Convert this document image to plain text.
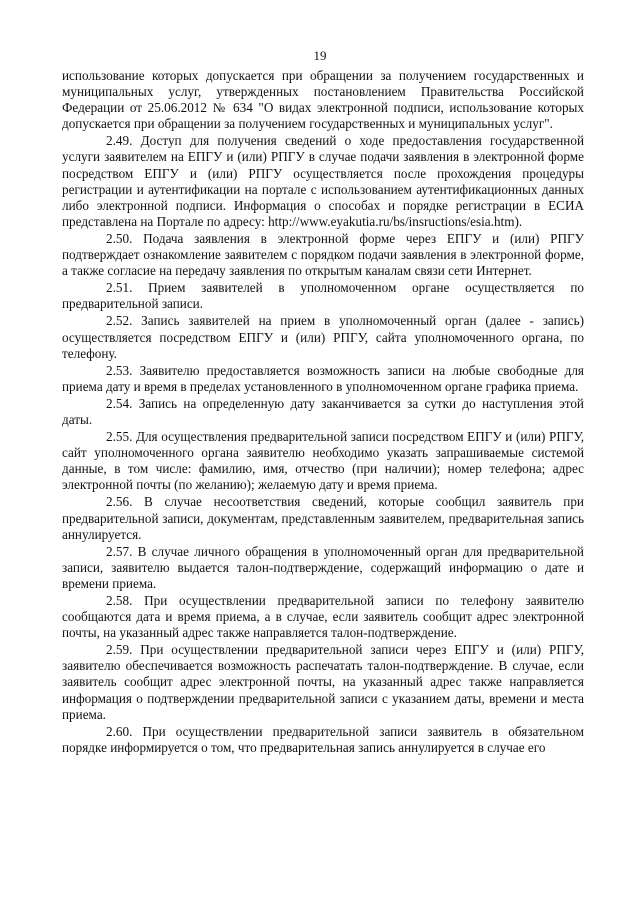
19

использование которых допускается при обращении за получением государственных и муниципальных услуг, утвержденных постановлением Правительства Российской Федерации от 25.06.2012 № 634 "О видах электронной подписи, использование которых допускается при обращении за получением государственных и муниципальных услуг".

2.49. Доступ для получения сведений о ходе предоставления государственной услуги заявителем на ЕПГУ и (или) РПГУ в случае подачи заявления в электронной форме посредством ЕПГУ и (или) РПГУ осуществляется после прохождения процедуры регистрации и аутентификации на портале с использованием аутентификационных данных либо электронной подписи. Информация о способах и порядке регистрации в ЕСИА представлена на Портале по адресу: http://www.eyakutia.ru/bs/insructions/esia.htm).

2.50. Подача заявления в электронной форме через ЕПГУ и (или) РПГУ подтверждает ознакомление заявителем с порядком подачи заявления в электронной форме, а также согласие на передачу заявления по открытым каналам связи сети Интернет.

2.51. Прием заявителей в уполномоченном органе осуществляется по предварительной записи.

2.52. Запись заявителей на прием в уполномоченный орган (далее - запись) осуществляется посредством ЕПГУ и (или) РПГУ, сайта уполномоченного органа, по телефону.

2.53. Заявителю предоставляется возможность записи на любые свободные для приема дату и время в пределах установленного в уполномоченном органе графика приема.

2.54. Запись на определенную дату заканчивается за сутки до наступления этой даты.

2.55. Для осуществления предварительной записи посредством ЕПГУ и (или) РПГУ, сайт уполномоченного органа заявителю необходимо указать запрашиваемые системой данные, в том числе: фамилию, имя, отчество (при наличии); номер телефона; адрес электронной почты (по желанию); желаемую дату и время приема.

2.56. В случае несоответствия сведений, которые сообщил заявитель при предварительной записи, документам, представленным заявителем, предварительная запись аннулируется.

2.57. В случае личного обращения в уполномоченный орган для предварительной записи, заявителю выдается талон-подтверждение, содержащий информацию о дате и времени приема.

2.58. При осуществлении предварительной записи по телефону заявителю сообщаются дата и время приема, а в случае, если заявитель сообщит адрес электронной почты, на указанный адрес также направляется талон-подтверждение.

2.59. При осуществлении предварительной записи через ЕПГУ и (или) РПГУ, заявителю обеспечивается возможность распечатать талон-подтверждение. В случае, если заявитель сообщит адрес электронной почты, на указанный адрес также направляется информация о подтверждении предварительной записи с указанием даты, времени и места приема.

2.60. При осуществлении предварительной записи заявитель в обязательном порядке информируется о том, что предварительная запись аннулируется в случае его
